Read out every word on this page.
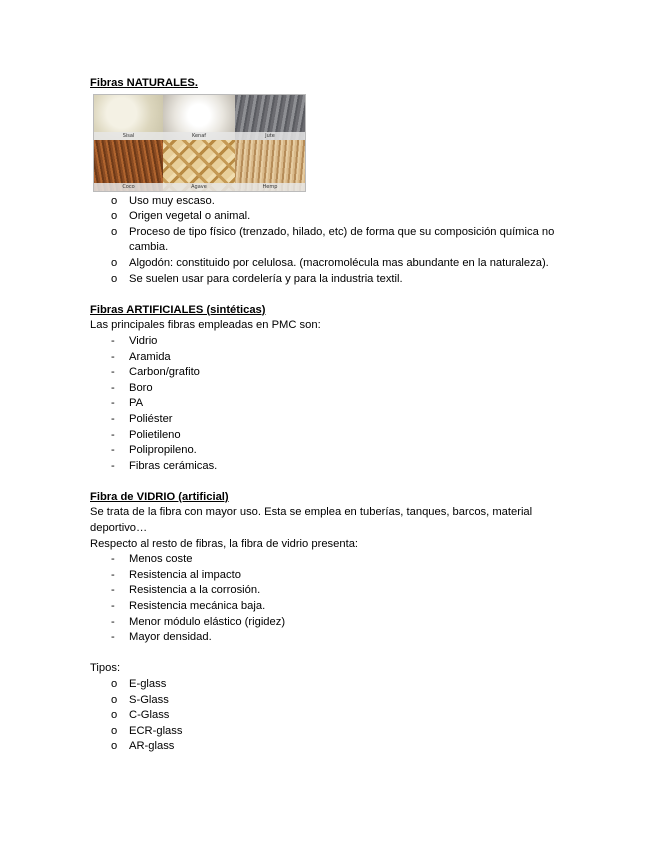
Fibras NATURALES.

Sisal	Kenaf	Jute
Coco	Agave	Hemp
o Uso muy escaso.
o Origen vegetal o animal.
o Proceso de tipo físico (trenzado, hilado, etc) de forma que su composición química no cambia.
o Algodón: constituido por celulosa. (macromolécula mas abundante en la naturaleza).
o Se suelen usar para cordelería y para la industria textil.

Fibras ARTIFICIALES (sintéticas)

Las principales fibras empleadas en PMC son:

- Vidrio
- Aramida
- Carbon/grafito
- Boro
- PA
- Poliéster
- Polietileno
- Polipropileno.
- Fibras cerámicas.

Fibra de VIDRIO (artificial)

Se trata de la fibra con mayor uso. Esta se emplea en tuberías, tanques, barcos, material deportivo…

Respecto al resto de fibras, la fibra de vidrio presenta:

- Menos coste
- Resistencia al impacto
- Resistencia a la corrosión.
- Resistencia mecánica baja.
- Menor módulo elástico (rigidez)
- Mayor densidad.

Tipos:

o E-glass
o S-Glass
o C-Glass
o ECR-glass
o AR-glass
